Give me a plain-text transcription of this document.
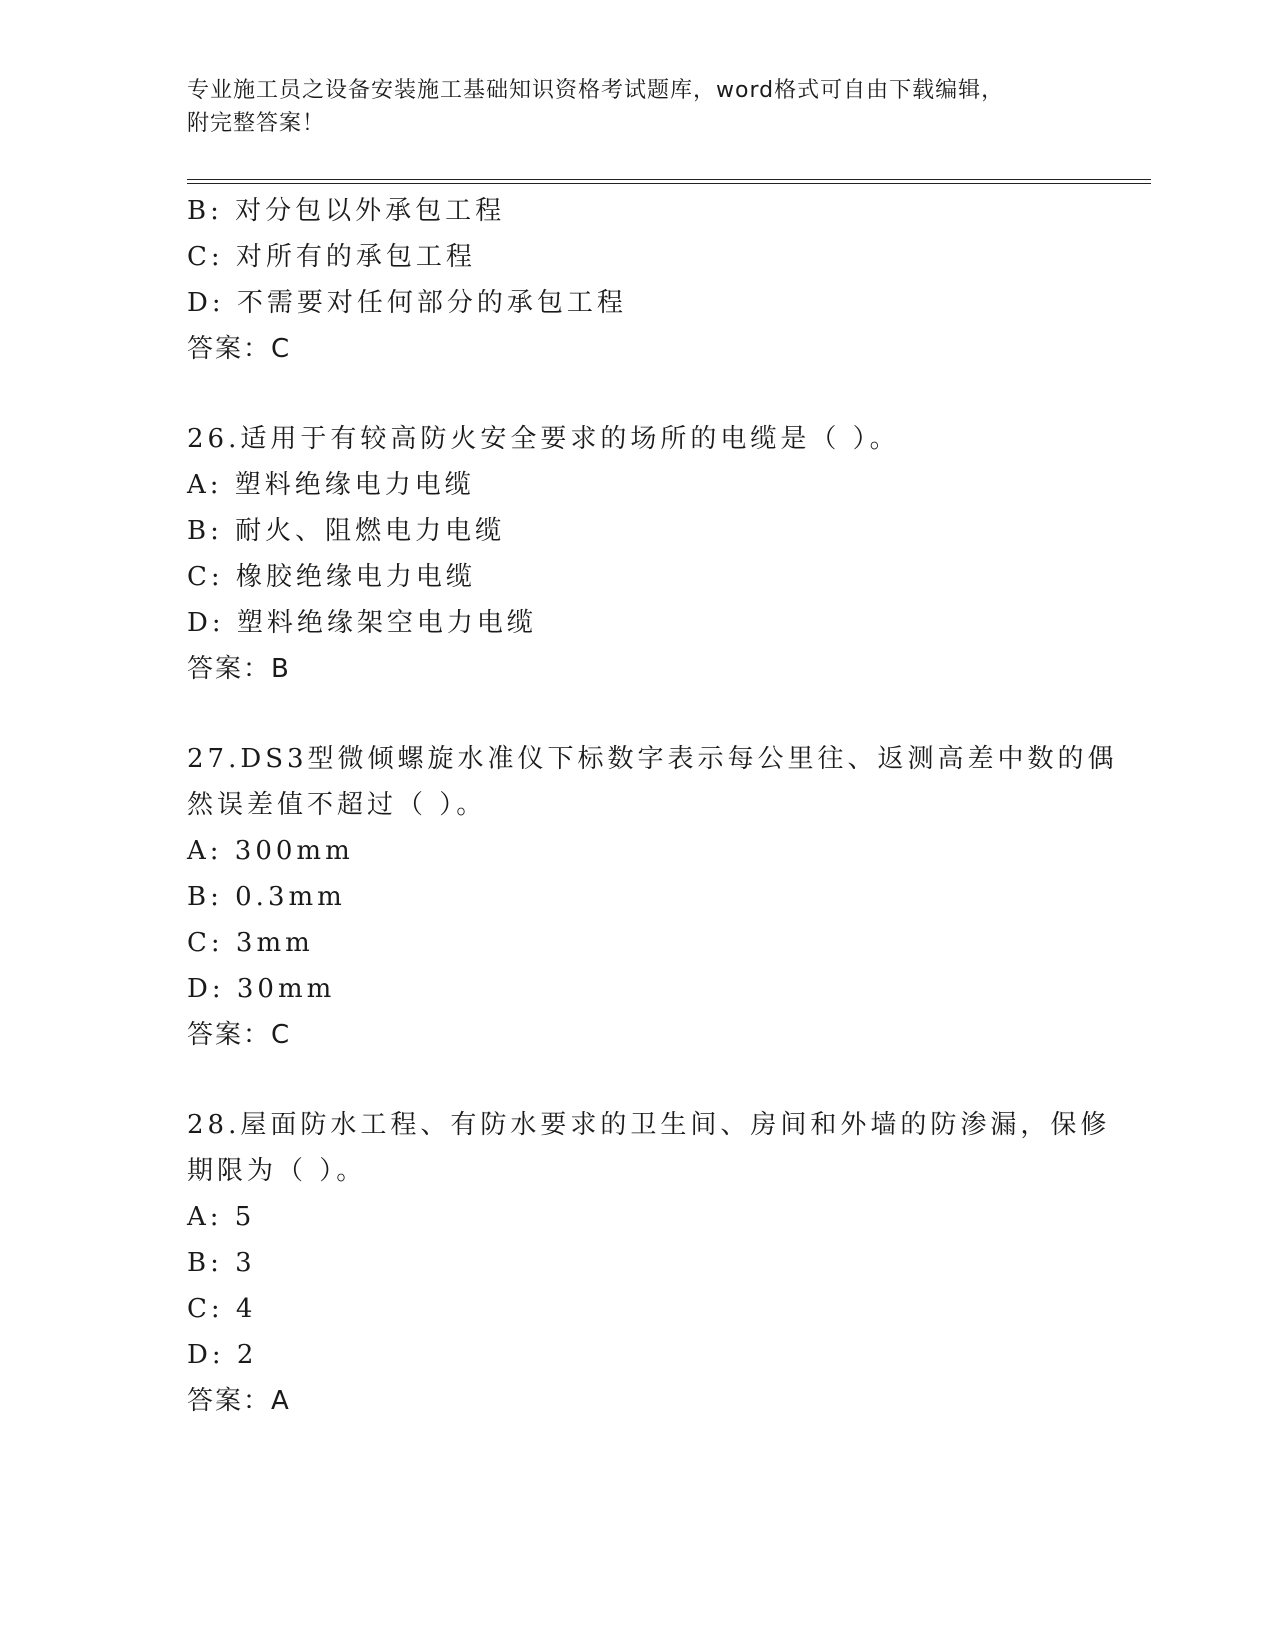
专业施工员之设备安装施工基础知识资格考试题库，word格式可自由下载编辑，
附完整答案！
B: 对分包以外承包工程
C: 对所有的承包工程
D: 不需要对任何部分的承包工程
答案：C
26.适用于有较高防火安全要求的场所的电缆是（ ）。
A: 塑料绝缘电力电缆
B: 耐火、阻燃电力电缆
C: 橡胶绝缘电力电缆
D: 塑料绝缘架空电力电缆
答案：B
27.DS3型微倾螺旋水准仪下标数字表示每公里往、返测高差中数的偶
然误差值不超过（ ）。
A: 300mm
B: 0.3mm
C: 3mm
D: 30mm
答案：C
28.屋面防水工程、有防水要求的卫生间、房间和外墙的防渗漏，保修
期限为（ ）。
A: 5
B: 3
C: 4
D: 2
答案：A
